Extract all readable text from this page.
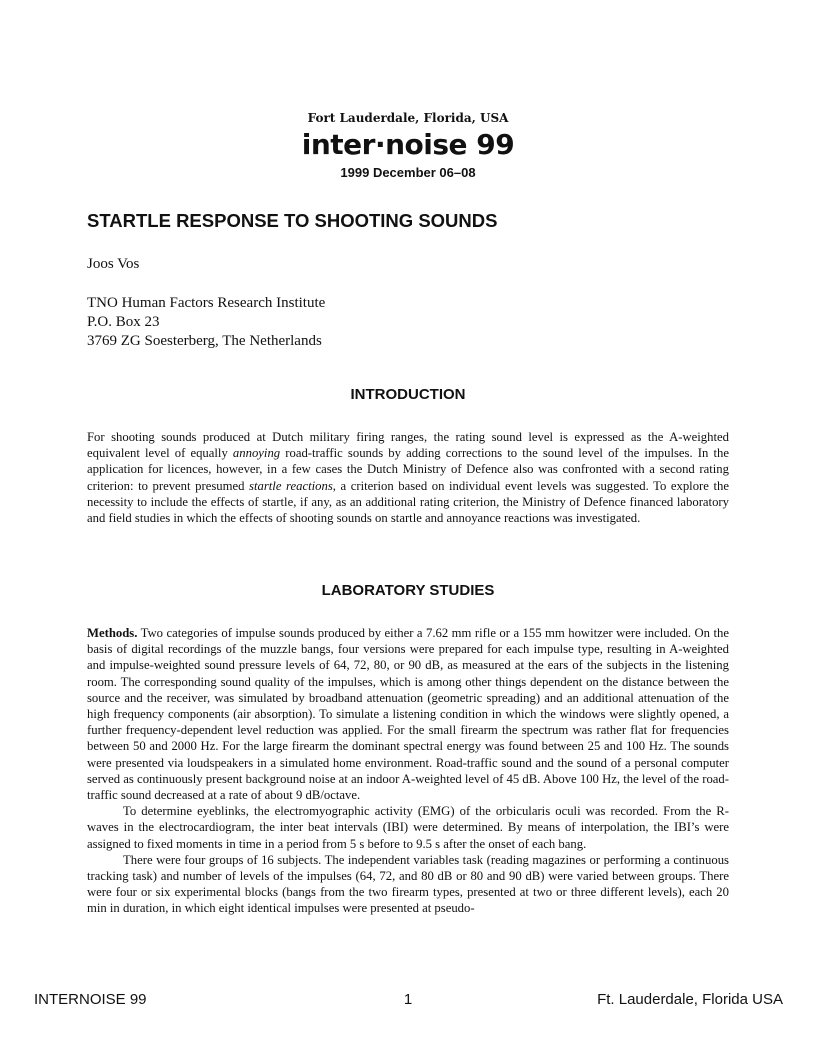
Fort Lauderdale, Florida, USA
inter·noise 99
1999 December 06–08
STARTLE RESPONSE TO SHOOTING SOUNDS
Joos Vos
TNO Human Factors Research Institute
P.O. Box 23
3769 ZG Soesterberg, The Netherlands
INTRODUCTION

For shooting sounds produced at Dutch military firing ranges, the rating sound level is expressed as the A-weighted equivalent level of equally annoying road-traffic sounds by adding corrections to the sound level of the impulses. In the application for licences, however, in a few cases the Dutch Ministry of Defence also was confronted with a second rating criterion: to prevent presumed startle reactions, a criterion based on individual event levels was suggested. To explore the necessity to include the effects of startle, if any, as an additional rating criterion, the Ministry of Defence financed laboratory and field studies in which the effects of shooting sounds on startle and annoyance reactions was investigated.

LABORATORY STUDIES

Methods. Two categories of impulse sounds produced by either a 7.62 mm rifle or a 155 mm howitzer were included. On the basis of digital recordings of the muzzle bangs, four versions were prepared for each impulse type, resulting in A-weighted and impulse-weighted sound pressure levels of 64, 72, 80, or 90 dB, as measured at the ears of the subjects in the listening room. The corresponding sound quality of the impulses, which is among other things dependent on the distance between the source and the receiver, was simulated by broadband attenuation (geometric spreading) and an additional attenuation of the high frequency components (air absorption). To simulate a listening condition in which the windows were slightly opened, a further frequency-dependent level reduction was applied. For the small firearm the spectrum was rather flat for frequencies between 50 and 2000 Hz. For the large firearm the dominant spectral energy was found between 25 and 100 Hz. The sounds were presented via loudspeakers in a simulated home environment. Road-traffic sound and the sound of a personal computer served as continuously present background noise at an indoor A-weighted level of 45 dB. Above 100 Hz, the level of the road-traffic sound decreased at a rate of about 9 dB/octave.

To determine eyeblinks, the electromyographic activity (EMG) of the orbicularis oculi was recorded. From the R-waves in the electrocardiogram, the inter beat intervals (IBI) were determined. By means of interpolation, the IBI’s were assigned to fixed moments in time in a period from 5 s before to 9.5 s after the onset of each bang.

There were four groups of 16 subjects. The independent variables task (reading magazines or performing a continuous tracking task) and number of levels of the impulses (64, 72, and 80 dB or 80 and 90 dB) were varied between groups. There were four or six experimental blocks (bangs from the two firearm types, presented at two or three different levels), each 20 min in duration, in which eight identical impulses were presented at pseudo-

INTERNOISE 99	1	Ft. Lauderdale, Florida USA
